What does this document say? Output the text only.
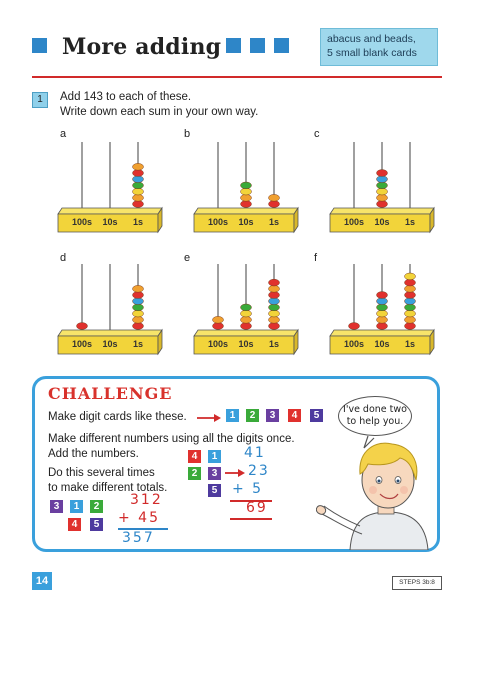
More adding	abacus and beads,
5 small blank cards
1	Add 143 to each of these.
Write down each sum in your own way.
a	b	c
d	e	f
100s	10s	1s	100s	10s	1s	100s	10s	1s
100s	10s	1s	100s	10s	1s	100s	10s	1s
CHALLENGE
Make digit cards like these.	1	2	3	4	5
Make different numbers using all the digits once.
Add the numbers.
Do this several times
to make different totals.
3	1	2
4	5
312
+ 45
357
4	1
2	3
5
41
23
+ 5
69
I've done two to help you.
14	STEPS 3b:8
